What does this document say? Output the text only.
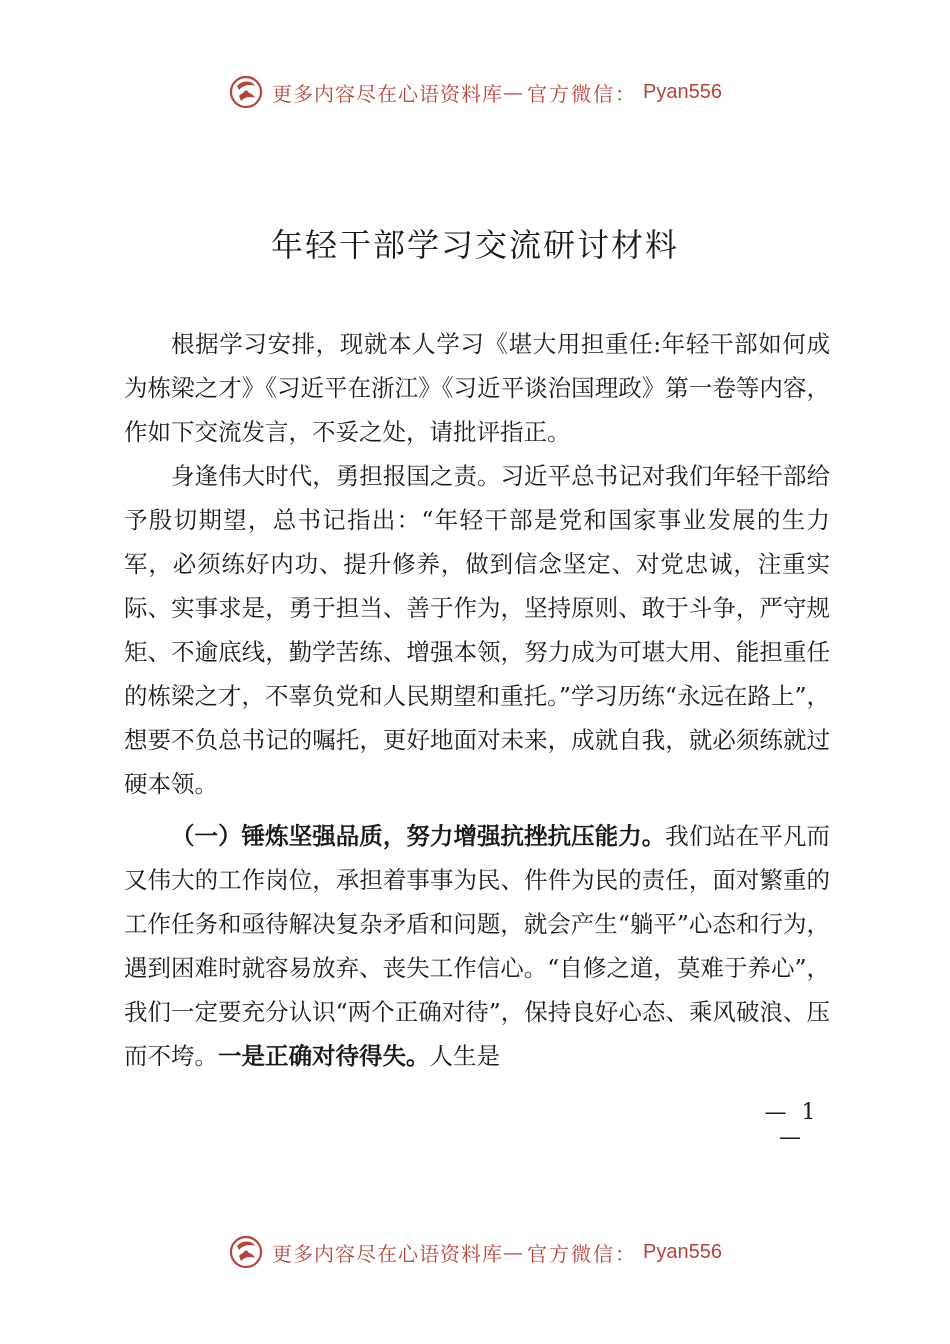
更多内容尽在心语资料库 — 官方微信： Pyan556
年轻干部学习交流研讨材料

根据学习安排，现就本人学习《堪大用担重任:年轻干部如何成为栋梁之才》《习近平在浙江》《习近平谈治国理政》第一卷等内容，作如下交流发言，不妥之处，请批评指正。

身逢伟大时代，勇担报国之责。习近平总书记对我们年轻干部给予殷切期望，总书记指出：“年轻干部是党和国家事业发展的生力军，必须练好内功、提升修养，做到信念坚定、对党忠诚，注重实际、实事求是，勇于担当、善于作为，坚持原则、敢于斗争，严守规矩、不逾底线，勤学苦练、增强本领，努力成为可堪大用、能担重任的栋梁之才，不辜负党和人民期望和重托。”学习历练“永远在路上”，想要不负总书记的嘱托，更好地面对未来，成就自我，就必须练就过硬本领。

（一）锤炼坚强品质，努力增强抗挫抗压能力。我们站在平凡而又伟大的工作岗位，承担着事事为民、件件为民的责任，面对繁重的工作任务和亟待解决复杂矛盾和问题，就会产生“躺平”心态和行为，遇到困难时就容易放弃、丧失工作信心。“自修之道，莫难于养心”，我们一定要充分认识“两个正确对待”，保持良好心态、乘风破浪、压而不垮。一是正确对待得失。人生是

— 1 —
更多内容尽在心语资料库 — 官方微信： Pyan556
